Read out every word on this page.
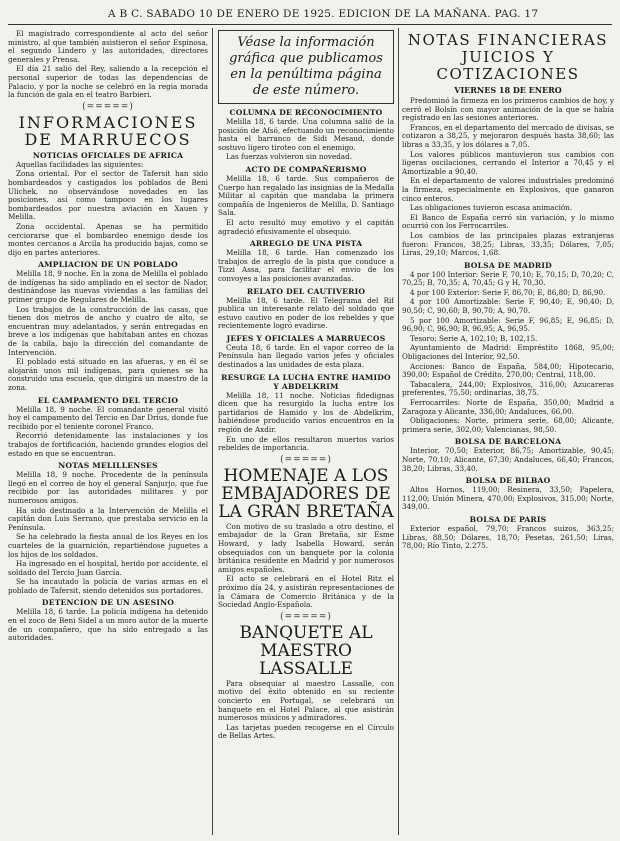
A B C. SABADO 10 DE ENERO DE 1925. EDICION DE LA MAÑANA. PAG. 17

El magistrado correspondiente al acto del señor ministro, al que también asistieron el señor Espinosa, el segundo Lindero y las autoridades, directores generales y Prensa.

El día 21 salió del Rey, saliendo a la recepción el personal superior de todas las dependencias de Palacio, y por la noche se celebró en la regia morada la función de gala en el teatro Barbieri.

(=====)
INFORMACIONES DE MARRUECOS
NOTICIAS OFICIALES DE AFRICA

Aquellas facilidades las siguientes:

Zona oriental. Por el sector de Tafersit han sido bombardeados y castigados los poblados de Beni Ulichek, no observándose novedades en las posiciones, así como tampoco en los lugares bombardeados por nuestra aviación en Xauen y Melilla.

Zona occidental. Apenas se ha permitido cerciorarse que el bombardeo enemigo desde los montes cercanos a Arcila ha producido bajas, como se dijo en partes anteriores.

AMPLIACION DE UN POBLADO

Melilla 18, 9 noche. En la zona de Melilla el poblado de indígenas ha sido ampliado en el sector de Nador, destinándose las nuevas viviendas a las familias del primer grupo de Regulares de Melilla.

Los trabajos de la construcción de las casas, que tienen dos metros de ancho y cuatro de alto, se encuentran muy adelantados, y serán entregadas en breve a los indígenas que habitaban antes en chozas de la cabila, bajo la dirección del comandante de Intervención.

El poblado está situado en las afueras, y en él se alojarán unos mil indígenas, para quienes se ha construido una escuela, que dirigirá un maestro de la zona.

EL CAMPAMENTO DEL TERCIO

Melilla 18, 9 noche. El comandante general visitó hoy el campamento del Tercio en Dar Drius, donde fue recibido por el teniente coronel Franco.

Recorrió detenidamente las instalaciones y los trabajos de fortificación, haciendo grandes elogios del estado en que se encuentran.

NOTAS MELILLENSES

Melilla 18, 9 noche. Procedente de la península llegó en el correo de hoy el general Sanjurjo, que fue recibido por las autoridades militares y por numerosos amigos.

Ha sido destinado a la Intervención de Melilla el capitán don Luis Serrano, que prestaba servicio en la Península.

Se ha celebrado la fiesta anual de los Reyes en los cuarteles de la guarnición, repartiéndose juguetes a los hijos de los soldados.

Ha ingresado en el hospital, herido por accidente, el soldado del Tercio Juan García.

Se ha incautado la policía de varias armas en el poblado de Tafersit, siendo detenidos sus portadores.

DETENCION DE UN ASESINO

Melilla 18, 6 tarde. La policía indígena ha detenido en el zoco de Beni Sidel a un moro autor de la muerte de un compañero, que ha sido entregado a las autoridades.

Véase la información gráfica que publicamos en la penúltima página de este número.
COLUMNA DE RECONOCIMIENTO

Melilla 18, 6 tarde. Una columna salió de la posición de Afsó, efectuando un reconocimiento hasta el barranco de Sidi Mesaud, donde sostuvo ligero tiroteo con el enemigo.

Las fuerzas volvieron sin novedad.

ACTO DE COMPAÑERISMO

Melilla 18, 6 tarde. Sus compañeros de Cuerpo han regalado las insignias de la Medalla Militar al capitán que mandaba la primera compañía de Ingenieros de Melilla, D. Santiago Sala.

El acto resultó muy emotivo y el capitán agradeció efusivamente el obsequio.

ARREGLO DE UNA PISTA

Melilla 18, 6 tarde. Han comenzado los trabajos de arreglo de la pista que conduce a Tizzi Assa, para facilitar el envío de los convoyes a las posiciones avanzadas.

RELATO DEL CAUTIVERIO

Melilla 18, 6 tarde. El Telegrama del Rif publica un interesante relato del soldado que estuvo cautivo en poder de los rebeldes y que recientemente logró evadirse.

JEFES Y OFICIALES A MARRUECOS

Ceuta 18, 6 tarde. En el vapor correo de la Península han llegado varios jefes y oficiales destinados a las unidades de esta plaza.

RESURGE LA LUCHA ENTRE HAMIDO Y ABDELKRIM

Melilla 18, 11 noche. Noticias fidedignas dicen que ha resurgido la lucha entre los partidarios de Hamido y los de Abdelkrim, habiéndose producido varios encuentros en la región de Axdir.

En uno de ellos resultaron muertos varios rebeldes de importancia.

(=====)
HOMENAJE A LOS EMBAJADORES DE LA GRAN BRETAÑA

Con motivo de su traslado a otro destino, el embajador de la Gran Bretaña, sir Esme Howard, y lady Isabella Howard, serán obsequiados con un banquete por la colonia británica residente en Madrid y por numerosos amigos españoles.

El acto se celebrará en el Hotel Ritz el próximo día 24, y asistirán representaciones de la Cámara de Comercio Británica y de la Sociedad Anglo-Española.

(=====)
BANQUETE AL MAESTRO LASSALLE

Para obsequiar al maestro Lassalle, con motivo del éxito obtenido en su reciente concierto en Portugal, se celebrará un banquete en el Hotel Palace, al que asistirán numerosos músicos y admiradores.

Las tarjetas pueden recogerse en el Círculo de Bellas Artes.

NOTAS FINANCIERAS JUICIOS Y COTIZACIONES
VIERNES 18 DE ENERO

Predominó la firmeza en los primeros cambios de hoy, y cerró el Bolsín con mayor animación de la que se había registrado en las sesiones anteriores.

Francos, en el departamento del mercado de divisas, se cotizaron a 38,25, y mejoraron después hasta 38,60; las libras a 33,35, y los dólares a 7,05.

Los valores públicos mantuvieron sus cambios con ligeras oscilaciones, cerrando el Interior a 70,45 y el Amortizable a 90,40.

En el departamento de valores industriales predominó la firmeza, especialmente en Explosivos, que ganaron cinco enteros.

Las obligaciones tuvieron escasa animación.

El Banco de España cerró sin variación, y lo mismo ocurrió con los Ferrocarriles.

Los cambios de las principales plazas extranjeras fueron: Francos, 38,25; Libras, 33,35; Dólares, 7,05; Liras, 29,10; Marcos, 1,68.

BOLSA DE MADRID

4 por 100 Interior: Serie F, 70,10; E, 70,15; D, 70,20; C, 70,25; B, 70,35; A, 70,45; G y H, 70,30.

4 por 100 Exterior: Serie F, 86,70; E, 86,80; D, 86,90.

4 por 100 Amortizable: Serie F, 90,40; E, 90,40; D, 90,50; C, 90,60; B, 90,70; A, 90,70.

5 por 100 Amortizable: Serie F, 96,85; E, 96,85; D, 96,90; C, 96,90; B, 96,95; A, 96,95.

Tesoro: Serie A, 102,10; B, 102,15.

Ayuntamiento de Madrid: Empréstito 1868, 95,00; Obligaciones del Interior, 92,50.

Acciones: Banco de España, 584,00; Hipotecario, 390,00; Español de Crédito, 270,00; Central, 118,00.

Tabacalera, 244,00; Explosivos, 316,00; Azucareras preferentes, 75,50; ordinarias, 38,75.

Ferrocarriles: Norte de España, 350,00; Madrid a Zaragoza y Alicante, 336,00; Andaluces, 66,00.

Obligaciones: Norte, primera serie, 68,00; Alicante, primera serie, 302,00; Valencianas, 98,50.

BOLSA DE BARCELONA

Interior, 70,50; Exterior, 86,75; Amortizable, 90,45; Norte, 70,10; Alicante, 67,30; Andaluces, 66,40; Francos, 38,20; Libras, 33,40.

BOLSA DE BILBAO

Altos Hornos, 119,00; Resinera, 33,50; Papelera, 112,00; Unión Minera, 470,00; Explosivos, 315,00; Norte, 349,00.

BOLSA DE PARIS

Exterior español, 79,70; Francos suizos, 363,25; Libras, 88,50; Dólares, 18,70; Pesetas, 261,50; Liras, 78,00; Río Tinto, 2.275.
